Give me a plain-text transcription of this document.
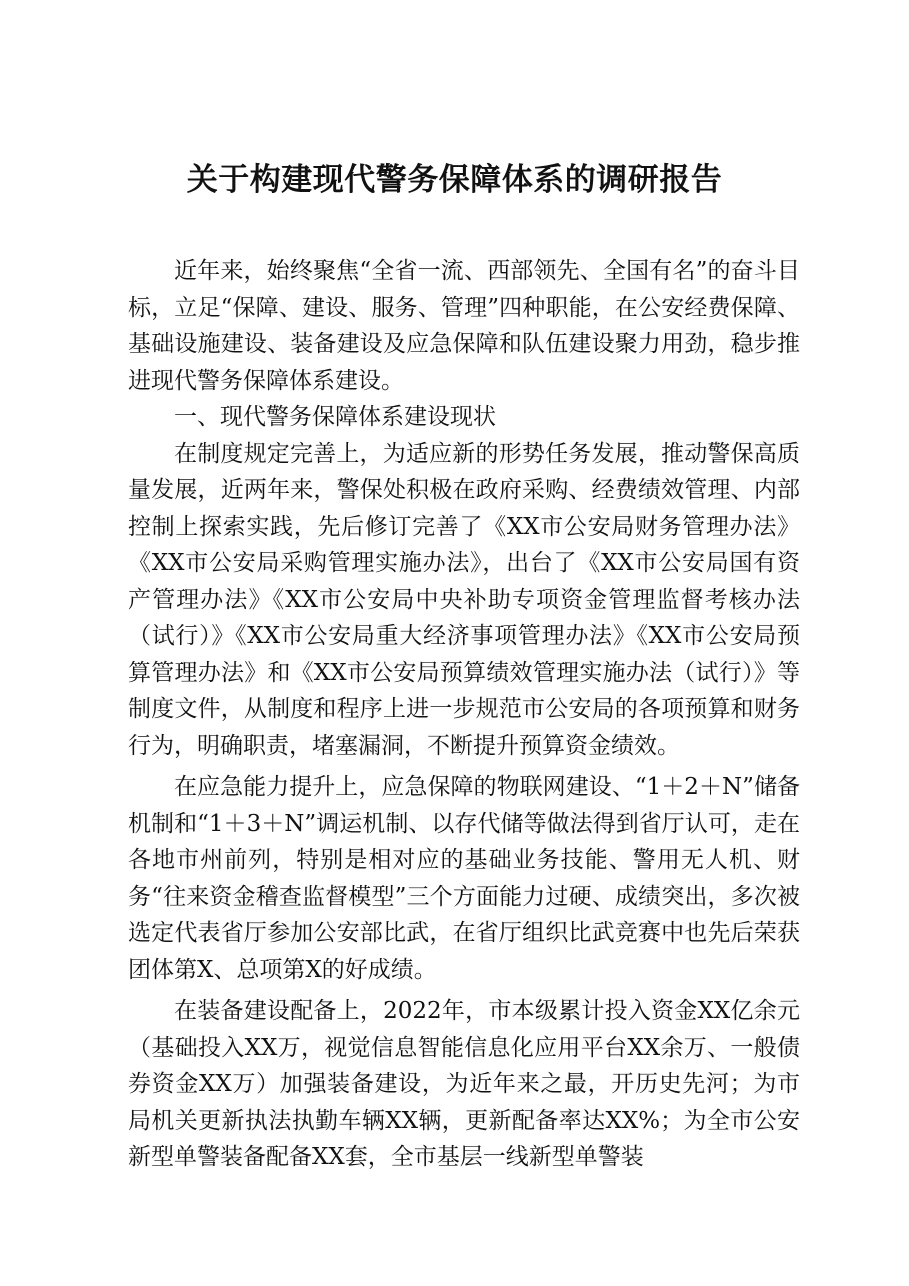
关于构建现代警务保障体系的调研报告

近年来，始终聚焦“全省一流、西部领先、全国有名”的奋斗目标，立足“保障、建设、服务、管理”四种职能，在公安经费保障、基础设施建设、装备建设及应急保障和队伍建设聚力用劲，稳步推进现代警务保障体系建设。

一、现代警务保障体系建设现状

在制度规定完善上，为适应新的形势任务发展，推动警保高质量发展，近两年来，警保处积极在政府采购、经费绩效管理、内部控制上探索实践，先后修订完善了《XX市公安局财务管理办法》《XX市公安局采购管理实施办法》，出台了《XX市公安局国有资产管理办法》《XX市公安局中央补助专项资金管理监督考核办法（试行）》《XX市公安局重大经济事项管理办法》《XX市公安局预算管理办法》和《XX市公安局预算绩效管理实施办法（试行）》等制度文件，从制度和程序上进一步规范市公安局的各项预算和财务行为，明确职责，堵塞漏洞，不断提升预算资金绩效。

在应急能力提升上，应急保障的物联网建设、“1＋2＋N”储备机制和“1＋3＋N”调运机制、以存代储等做法得到省厅认可，走在各地市州前列，特别是相对应的基础业务技能、警用无人机、财务“往来资金稽查监督模型”三个方面能力过硬、成绩突出，多次被选定代表省厅参加公安部比武，在省厅组织比武竞赛中也先后荣获团体第X、总项第X的好成绩。

在装备建设配备上，2022年，市本级累计投入资金XX亿余元（基础投入XX万，视觉信息智能信息化应用平台XX余万、一般债券资金XX万）加强装备建设，为近年来之最，开历史先河；为市局机关更新执法执勤车辆XX辆，更新配备率达XX%；为全市公安新型单警装备配备XX套，全市基层一线新型单警装
